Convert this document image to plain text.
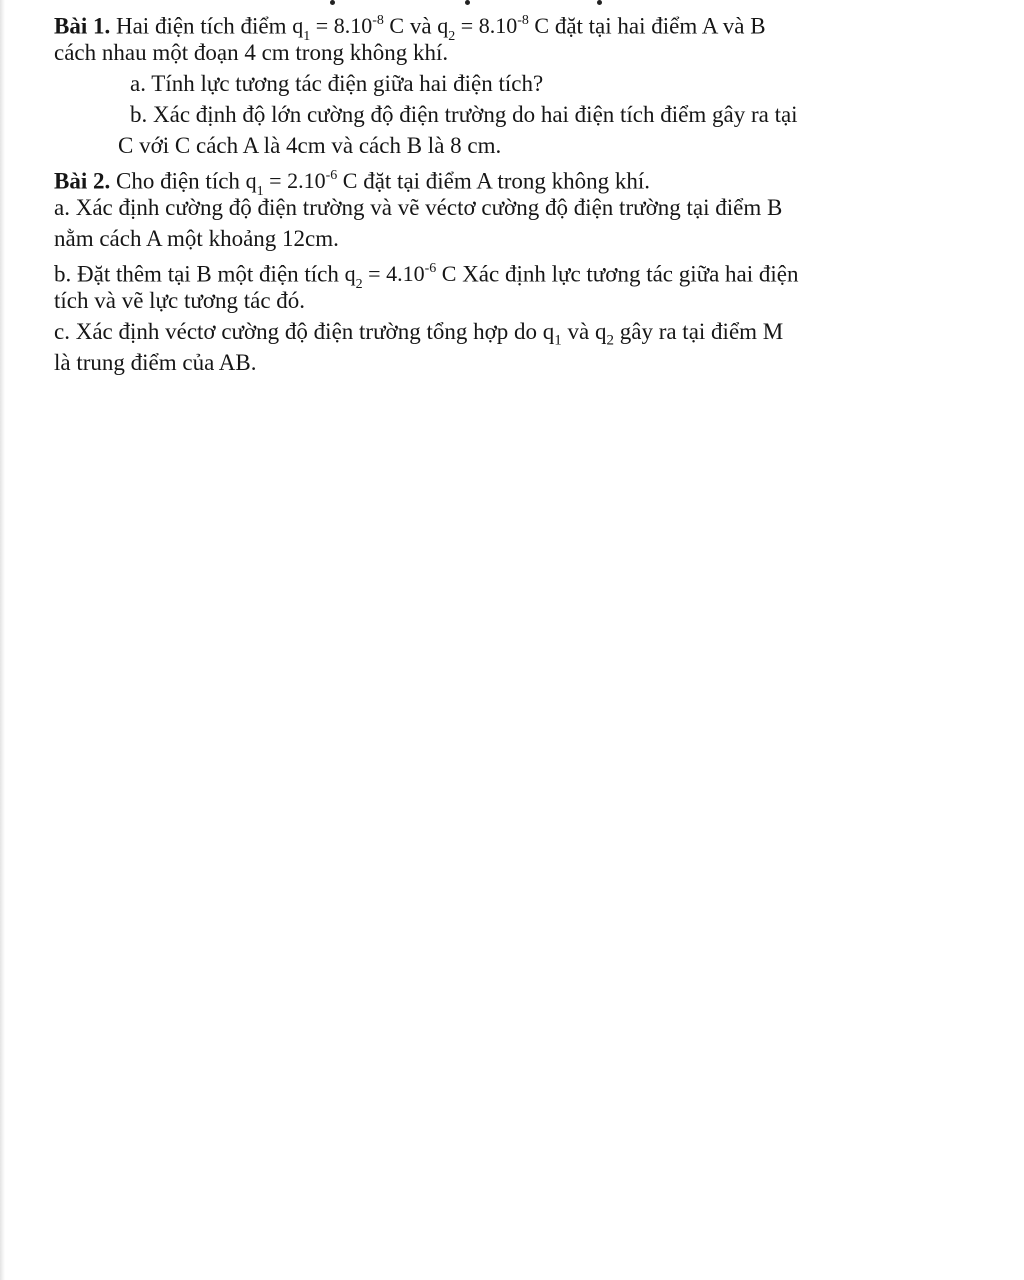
Bài 1. Hai điện tích điểm $q_1 = 8.10^{-8}$ C và $q_2 = 8.10^{-8}$ C đặt tại hai điểm A và B
cách nhau một đoạn 4 cm trong không khí.
a. Tính lực tương tác điện giữa hai điện tích?
b. Xác định độ lớn cường độ điện trường do hai điện tích điểm gây ra tại
C với C cách A là 4cm và cách B là 8 cm.
Bài 2. Cho điện tích $q_1 = 2.10^{-6}$ C đặt tại điểm A trong không khí.
a. Xác định cường độ điện trường và vẽ véctơ cường độ điện trường tại điểm B
nằm cách A một khoảng 12cm.
b. Đặt thêm tại B một điện tích $q_2 = 4.10^{-6}$ C Xác định lực tương tác giữa hai điện
tích và vẽ lực tương tác đó.
c. Xác định véctơ cường độ điện trường tổng hợp do $q_1$ và $q_2$ gây ra tại điểm M
là trung điểm của AB.
